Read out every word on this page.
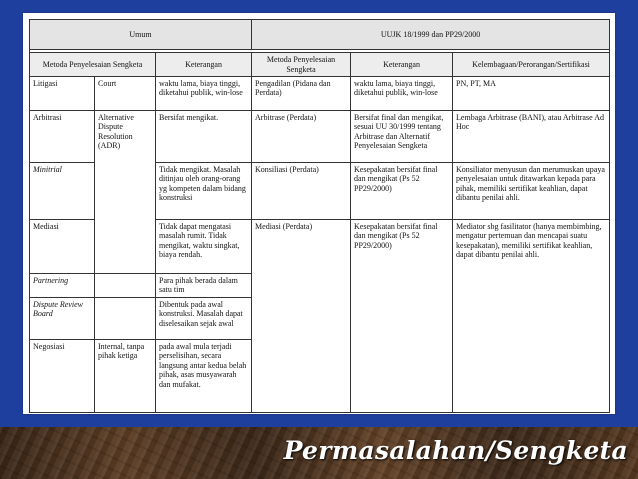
Umum			UUJK 18/1999 dan PP29/2000		

Metoda Penyelesaian Sengketa		Keterangan	Metoda Penyelesaian Sengketa	Keterangan	Kelembagaan/Perorangan/Sertifikasi
Litigasi	Court	waktu lama, biaya tinggi, diketahui publik, win-lose	Pengadilan (Pidana dan Perdata)	waktu lama, biaya tinggi, diketahui publik, win-lose	PN, PT, MA
Arbitrasi	Alternative Dispute Resolution (ADR)	Bersifat mengikat.	Arbitrase (Perdata)	Bersifat final dan mengikat, sesuai UU 30/1999 tentang Arbitrase dan Alternatif Penyelesaian Sengketa	Lembaga Arbitrase (BANI), atau Arbitrase Ad Hoc
Minitrial		Tidak mengikat. Masalah ditinjau oleh orang-orang yg kompeten dalam bidang konstruksi	Konsiliasi (Perdata)	Kesepakatan bersifat final dan mengikat (Ps 52 PP29/2000)	Konsiliator menyusun dan merumuskan upaya penyelesaian untuk ditawarkan kepada para pihak, memiliki sertifikat keahlian, dapat dibantu penilai ahli.
Mediasi		Tidak dapat mengatasi masalah rumit. Tidak mengikat, waktu singkat, biaya rendah.	Mediasi (Perdata)	Kesepakatan bersifat final dan mengikat (Ps 52 PP29/2000)	Mediator sbg fasilitator (hanya membimbing, mengatur pertemuan dan mencapai suatu kesepakatan), memiliki sertifikat keahlian, dapat dibantu penilai ahli.
Partnering		Para pihak berada dalam satu tim			
Dispute Review Board		Dibentuk pada awal konstruksi. Masalah dapat diselesaikan sejak awal			
Negosiasi	Internal, tanpa pihak ketiga	pada awal mula terjadi perselisihan, secara langsung antar kedua belah pihak, asas musyawarah dan mufakat.			
Permasalahan/Sengketa
